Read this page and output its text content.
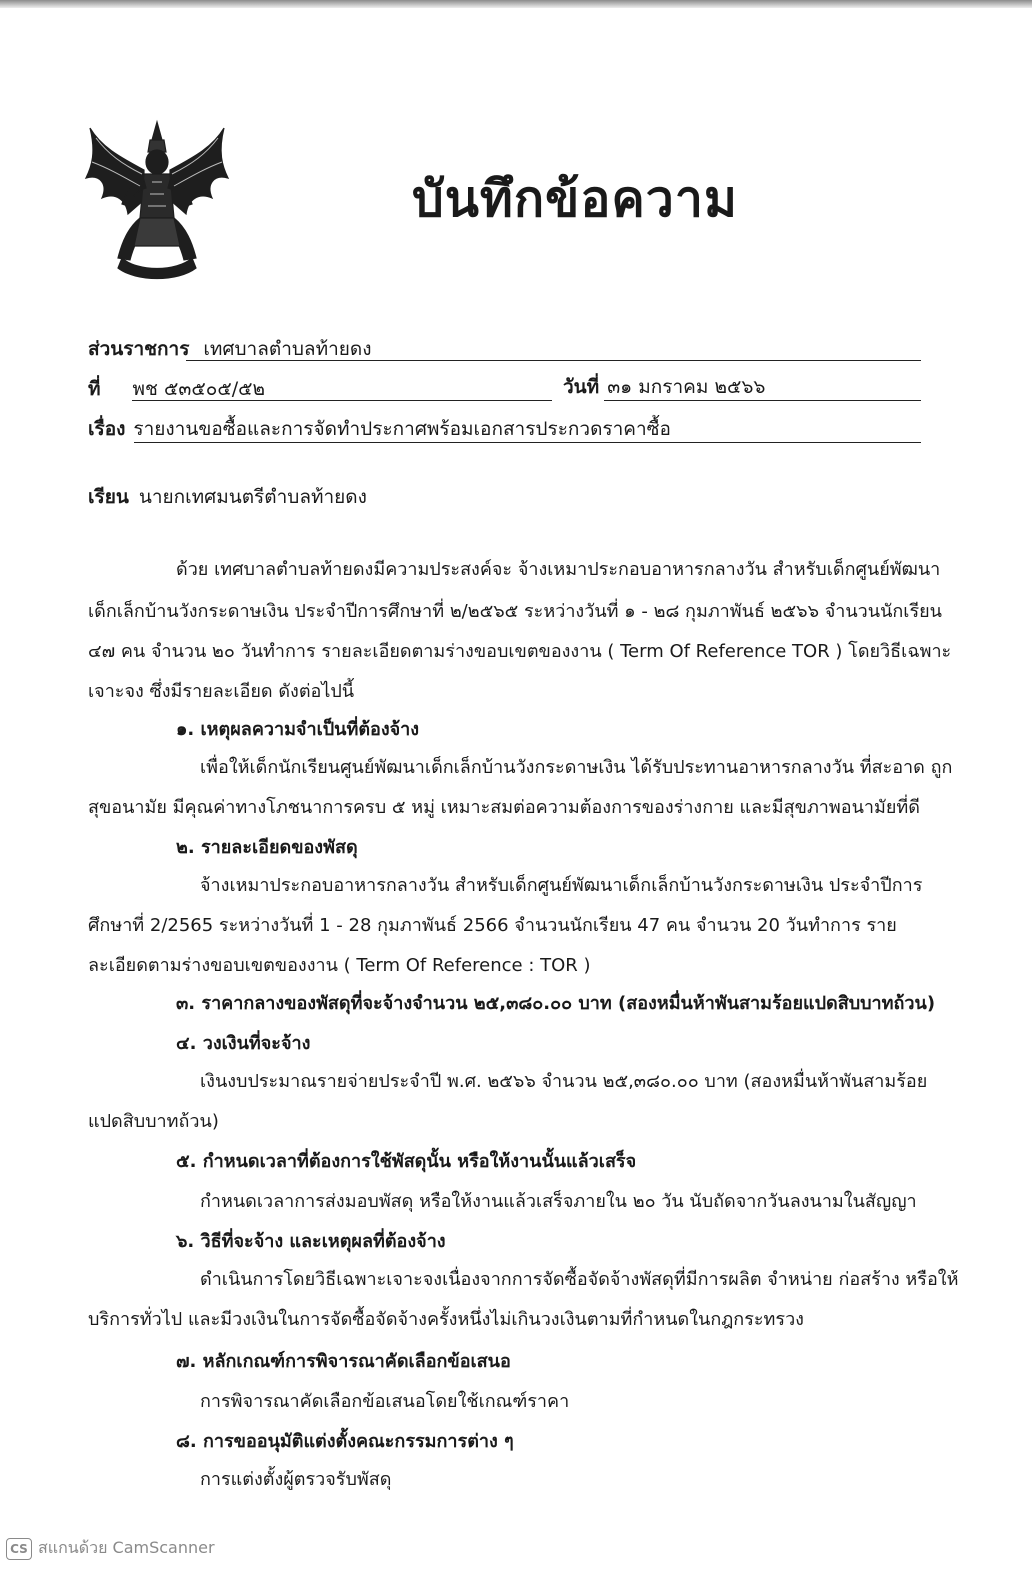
บันทึกข้อความ
ส่วนราชการ เทศบาลตำบลท้ายดง
ที่ พช ๕๓๕๐๕/๕๒	วันที่ ๓๑ มกราคม ๒๕๖๖
เรื่อง รายงานขอซื้อและการจัดทำประกาศพร้อมเอกสารประกวดราคาซื้อ
เรียน นายกเทศมนตรีตำบลท้ายดง
ด้วย เทศบาลตำบลท้ายดงมีความประสงค์จะ จ้างเหมาประกอบอาหารกลางวัน สำหรับเด็กศูนย์พัฒนา
เด็กเล็กบ้านวังกระดาษเงิน ประจำปีการศึกษาที่ ๒/๒๕๖๕ ระหว่างวันที่ ๑ - ๒๘ กุมภาพันธ์ ๒๕๖๖ จำนวนนักเรียน
๔๗ คน จำนวน ๒๐ วันทำการ รายละเอียดตามร่างขอบเขตของงาน ( Term Of Reference TOR ) โดยวิธีเฉพาะ
เจาะจง ซึ่งมีรายละเอียด ดังต่อไปนี้
๑. เหตุผลความจำเป็นที่ต้องจ้าง
เพื่อให้เด็กนักเรียนศูนย์พัฒนาเด็กเล็กบ้านวังกระดาษเงิน ได้รับประทานอาหารกลางวัน ที่สะอาด ถูก
สุขอนามัย มีคุณค่าทางโภชนาการครบ ๕ หมู่ เหมาะสมต่อความต้องการของร่างกาย และมีสุขภาพอนามัยที่ดี
๒. รายละเอียดของพัสดุ
จ้างเหมาประกอบอาหารกลางวัน สำหรับเด็กศูนย์พัฒนาเด็กเล็กบ้านวังกระดาษเงิน ประจำปีการ
ศึกษาที่ 2/2565 ระหว่างวันที่ 1 - 28 กุมภาพันธ์ 2566 จำนวนนักเรียน 47 คน จำนวน 20 วันทำการ ราย
ละเอียดตามร่างขอบเขตของงาน ( Term Of Reference : TOR )
๓. ราคากลางของพัสดุที่จะจ้างจำนวน ๒๕,๓๘๐.๐๐ บาท (สองหมื่นห้าพันสามร้อยแปดสิบบาทถ้วน)
๔. วงเงินที่จะจ้าง
เงินงบประมาณรายจ่ายประจำปี พ.ศ. ๒๕๖๖ จำนวน ๒๕,๓๘๐.๐๐ บาท (สองหมื่นห้าพันสามร้อย
แปดสิบบาทถ้วน)
๕. กำหนดเวลาที่ต้องการใช้พัสดุนั้น หรือให้งานนั้นแล้วเสร็จ
กำหนดเวลาการส่งมอบพัสดุ หรือให้งานแล้วเสร็จภายใน ๒๐ วัน นับถัดจากวันลงนามในสัญญา
๖. วิธีที่จะจ้าง และเหตุผลที่ต้องจ้าง
ดำเนินการโดยวิธีเฉพาะเจาะจงเนื่องจากการจัดซื้อจัดจ้างพัสดุที่มีการผลิต จำหน่าย ก่อสร้าง หรือให้
บริการทั่วไป และมีวงเงินในการจัดซื้อจัดจ้างครั้งหนึ่งไม่เกินวงเงินตามที่กำหนดในกฎกระทรวง
๗. หลักเกณฑ์การพิจารณาคัดเลือกข้อเสนอ
การพิจารณาคัดเลือกข้อเสนอโดยใช้เกณฑ์ราคา
๘. การขออนุมัติแต่งตั้งคณะกรรมการต่าง ๆ
การแต่งตั้งผู้ตรวจรับพัสดุ
CS สแกนด้วย CamScanner
